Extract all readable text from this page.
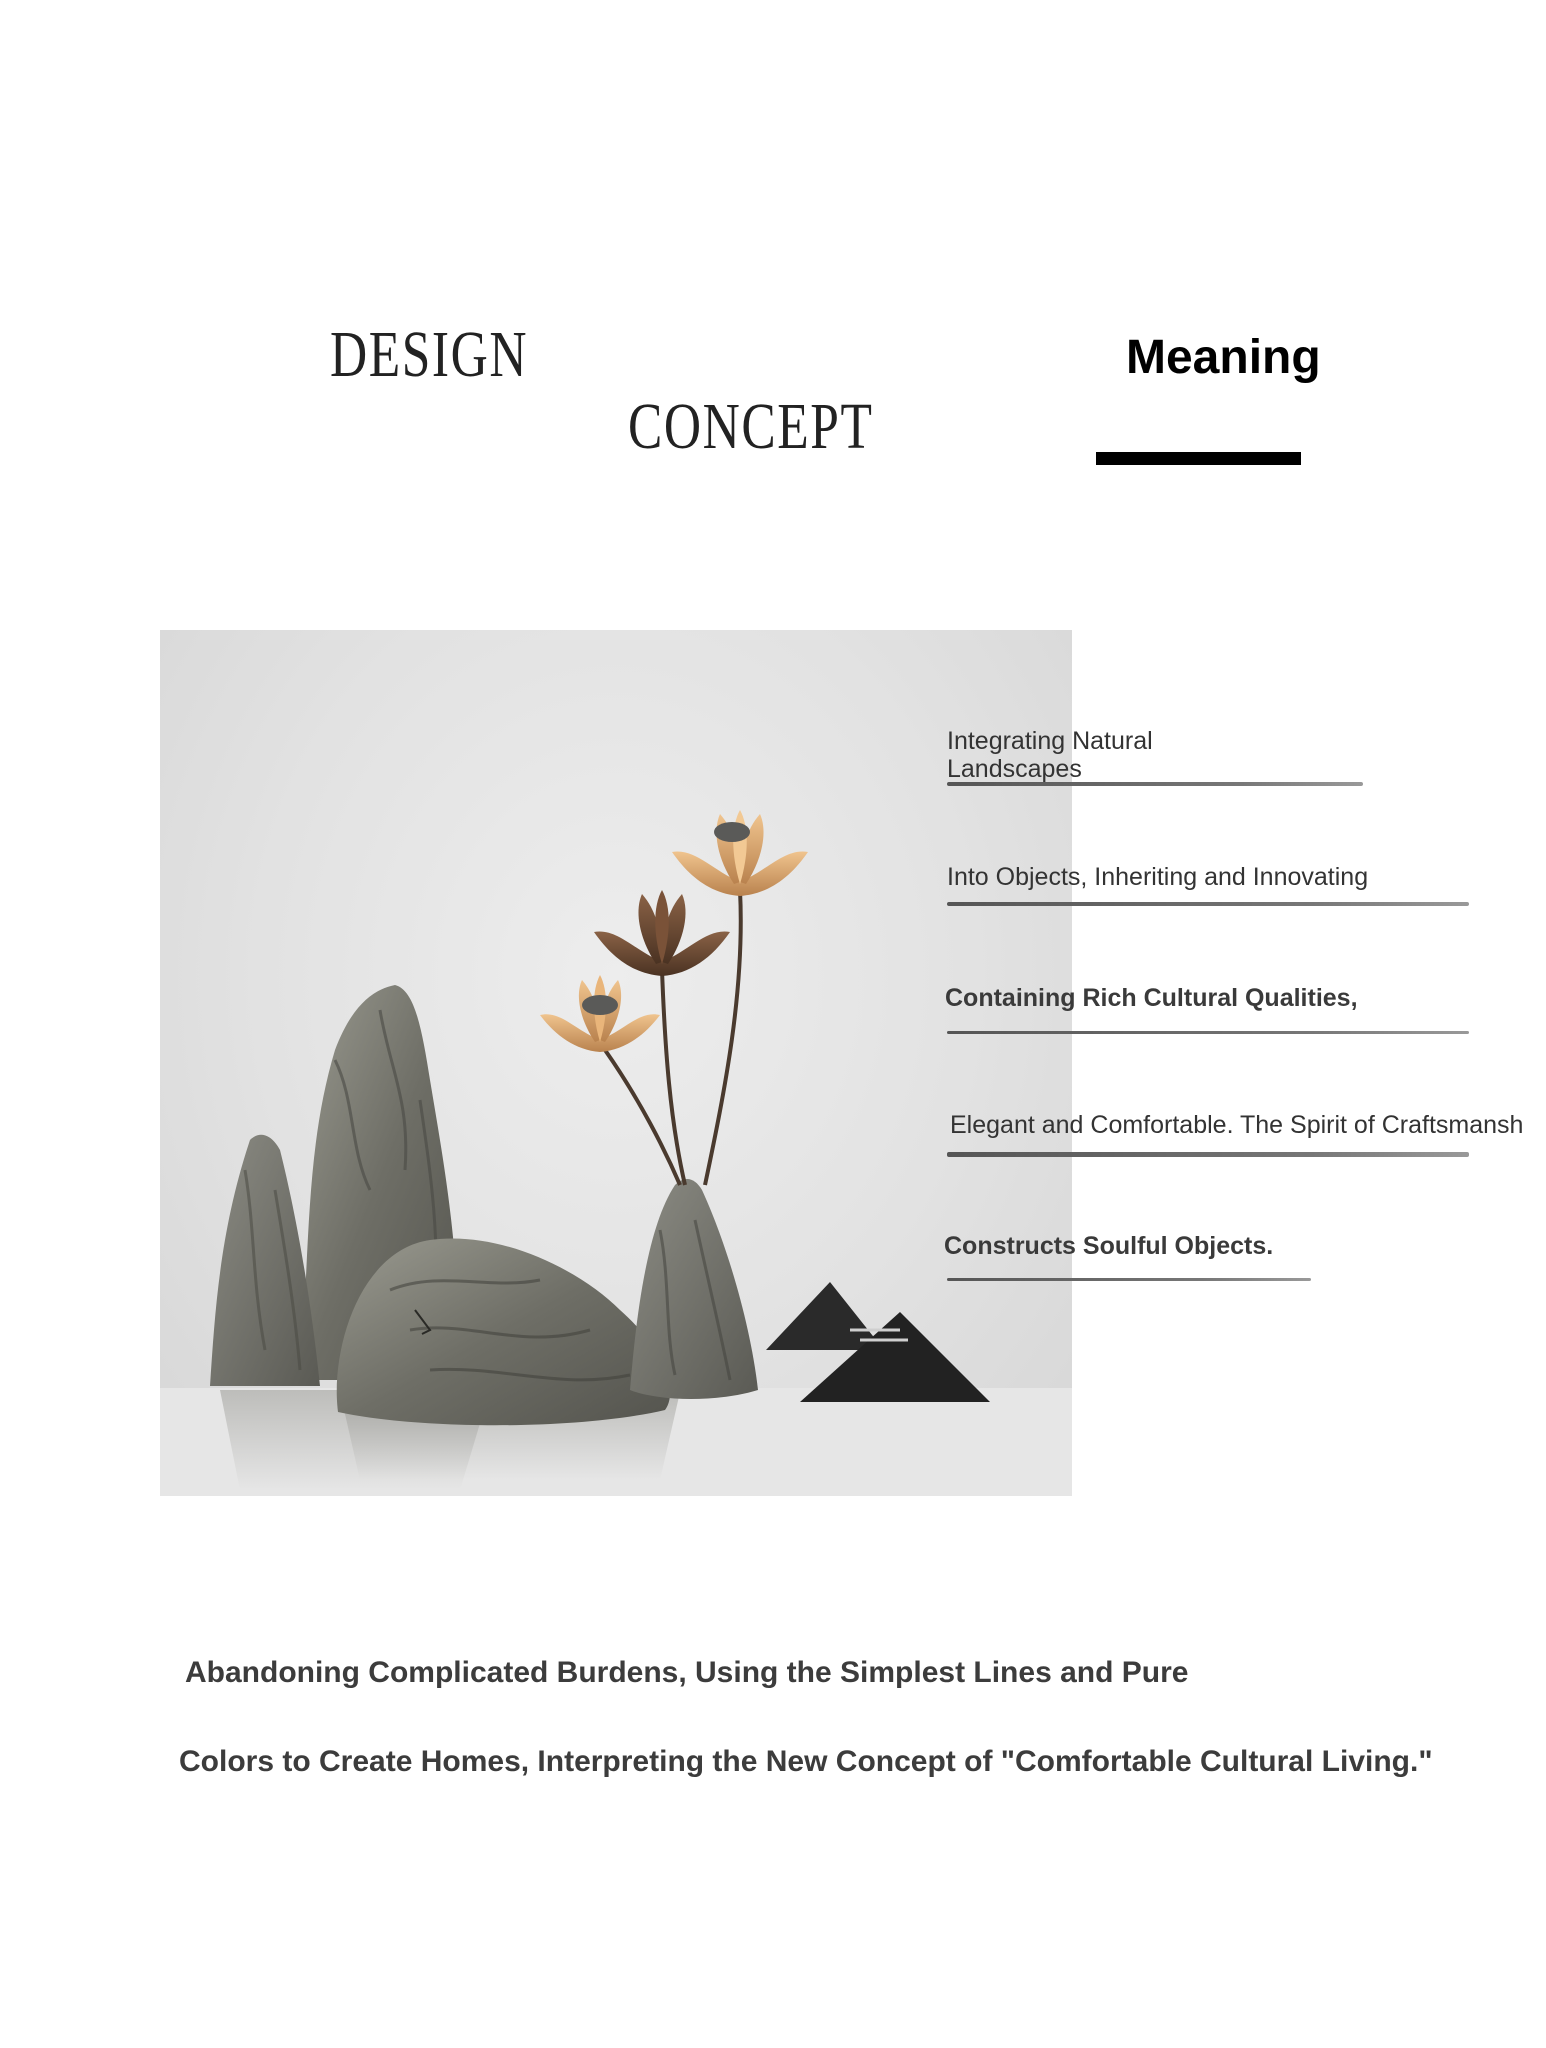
DESIGN
CONCEPT
Meaning
Integrating Natural Landscapes
Into Objects, Inheriting and Innovating
Containing Rich Cultural Qualities,
Elegant and Comfortable. The Spirit of Craftsmansh
Constructs Soulful Objects.
Abandoning Complicated Burdens, Using the Simplest Lines and Pure
Colors to Create Homes, Interpreting the New Concept of "Comfortable Cultural Living."
